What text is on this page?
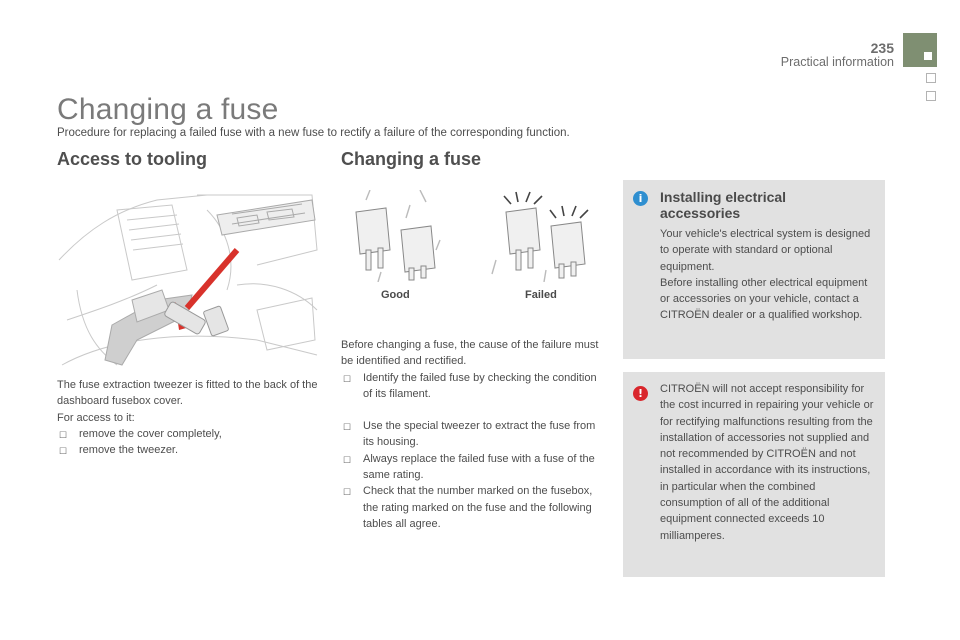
235
Practical information
Changing a fuse
Procedure for replacing a failed fuse with a new fuse to rectify a failure of the corresponding function.
Access to tooling	Changing a fuse
The fuse extraction tweezer is fitted to the back of the dashboard fusebox cover.
For access to it:
☐ remove the cover completely,
☐ remove the tweezer.
Good	Failed
Before changing a fuse, the cause of the failure must be identified and rectified.
☐ Identify the failed fuse by checking the condition of its filament.
☐ Use the special tweezer to extract the fuse from its housing.
☐ Always replace the failed fuse with a fuse of the same rating.
☐ Check that the number marked on the fusebox, the rating marked on the fuse and the following tables all agree.
i	Installing electrical accessories
Your vehicle's electrical system is designed to operate with standard or optional equipment.
Before installing other electrical equipment or accessories on your vehicle, contact a CITROËN dealer or a qualified workshop.
!	CITROËN will not accept responsibility for the cost incurred in repairing your vehicle or for rectifying malfunctions resulting from the installation of accessories not supplied and not recommended by CITROËN and not installed in accordance with its instructions, in particular when the combined consumption of all of the additional equipment connected exceeds 10 milliamperes.
